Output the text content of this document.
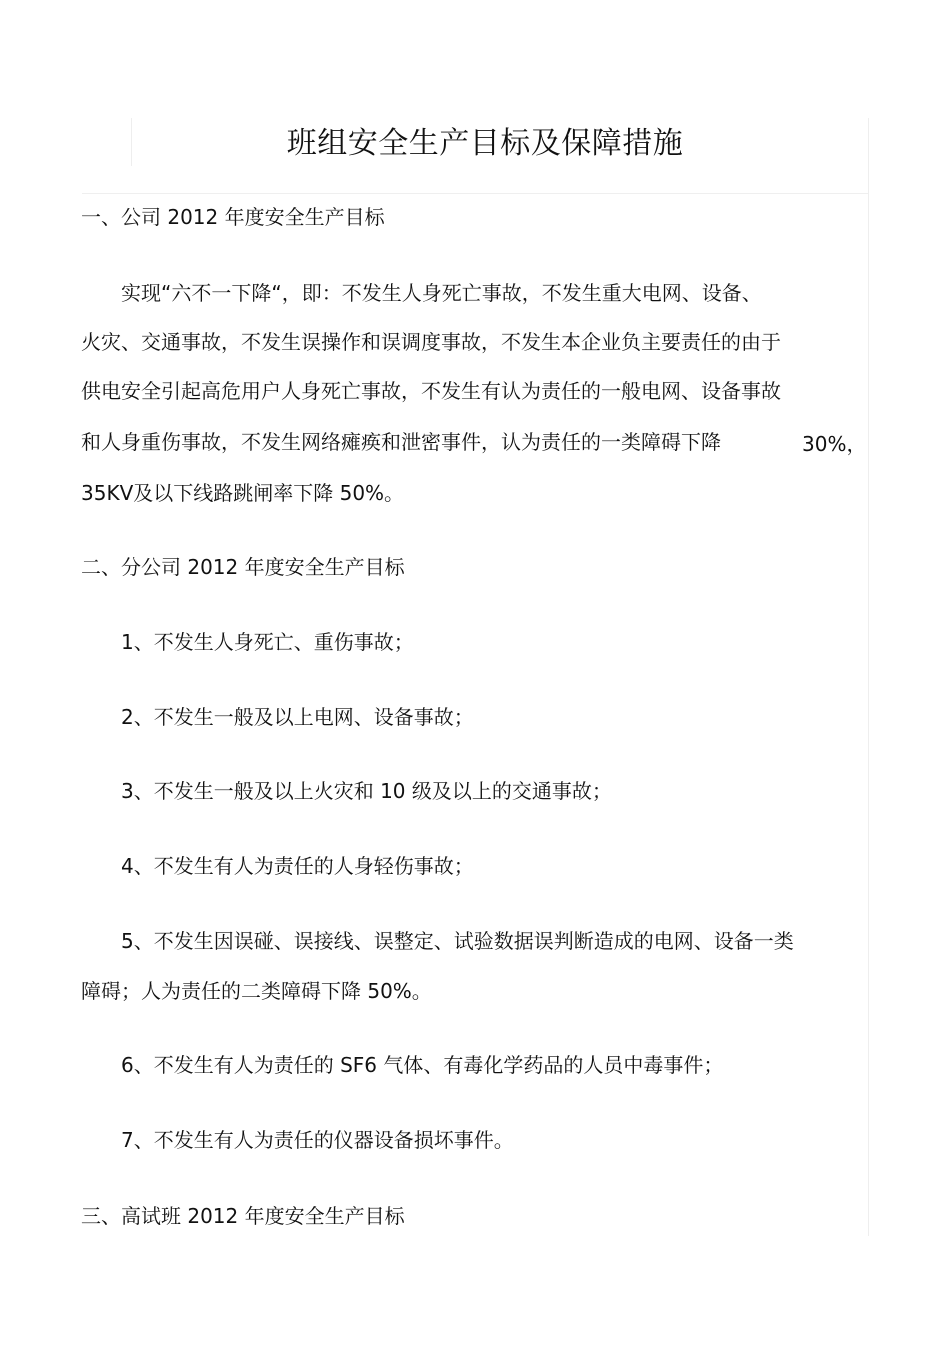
班组安全生产目标及保障措施
一、公司 2012 年度安全生产目标
实现“六不一下降“，即：不发生人身死亡事故，不发生重大电网、设备、
火灾、交通事故，不发生误操作和误调度事故，不发生本企业负主要责任的由于
供电安全引起高危用户人身死亡事故，不发生有认为责任的一般电网、设备事故
和人身重伤事故，不发生网络瘫痪和泄密事件，认为责任的一类障碍下降	30%，
35KV及以下线路跳闸率下降 50%。
二、分公司 2012 年度安全生产目标
1、不发生人身死亡、重伤事故；
2、不发生一般及以上电网、设备事故；
3、不发生一般及以上火灾和 10 级及以上的交通事故；
4、不发生有人为责任的人身轻伤事故；
5、不发生因误碰、误接线、误整定、试验数据误判断造成的电网、设备一类
障碍；人为责任的二类障碍下降 50%。
6、不发生有人为责任的 SF6 气体、有毒化学药品的人员中毒事件；
7、不发生有人为责任的仪器设备损坏事件。
三、高试班 2012 年度安全生产目标
